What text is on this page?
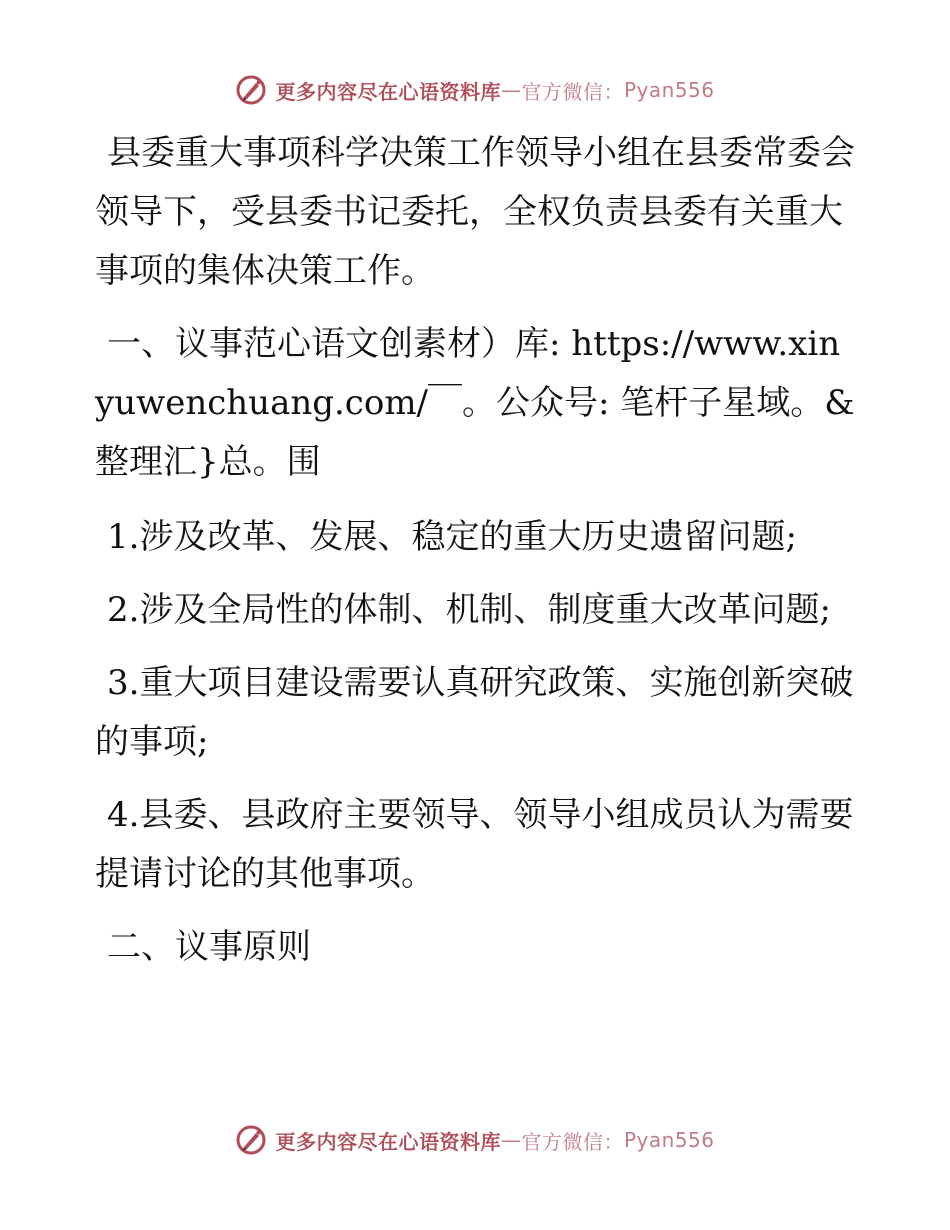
更多内容尽在心语资料库 — 官方微信： Pyan556

县委重大事项科学决策工作领导小组在县委常委会领导下，受县委书记委托，全权负责县委有关重大事项的集体决策工作。

一、议事范心语文创素材）库: https://www.xinyuwenchuang.com/￣。公众号: 笔杆子星域。&整理汇}总。围

1.涉及改革、发展、稳定的重大历史遗留问题;

2.涉及全局性的体制、机制、制度重大改革问题;

3.重大项目建设需要认真研究政策、实施创新突破的事项;

4.县委、县政府主要领导、领导小组成员认为需要提请讨论的其他事项。

二、议事原则

更多内容尽在心语资料库 — 官方微信： Pyan556
